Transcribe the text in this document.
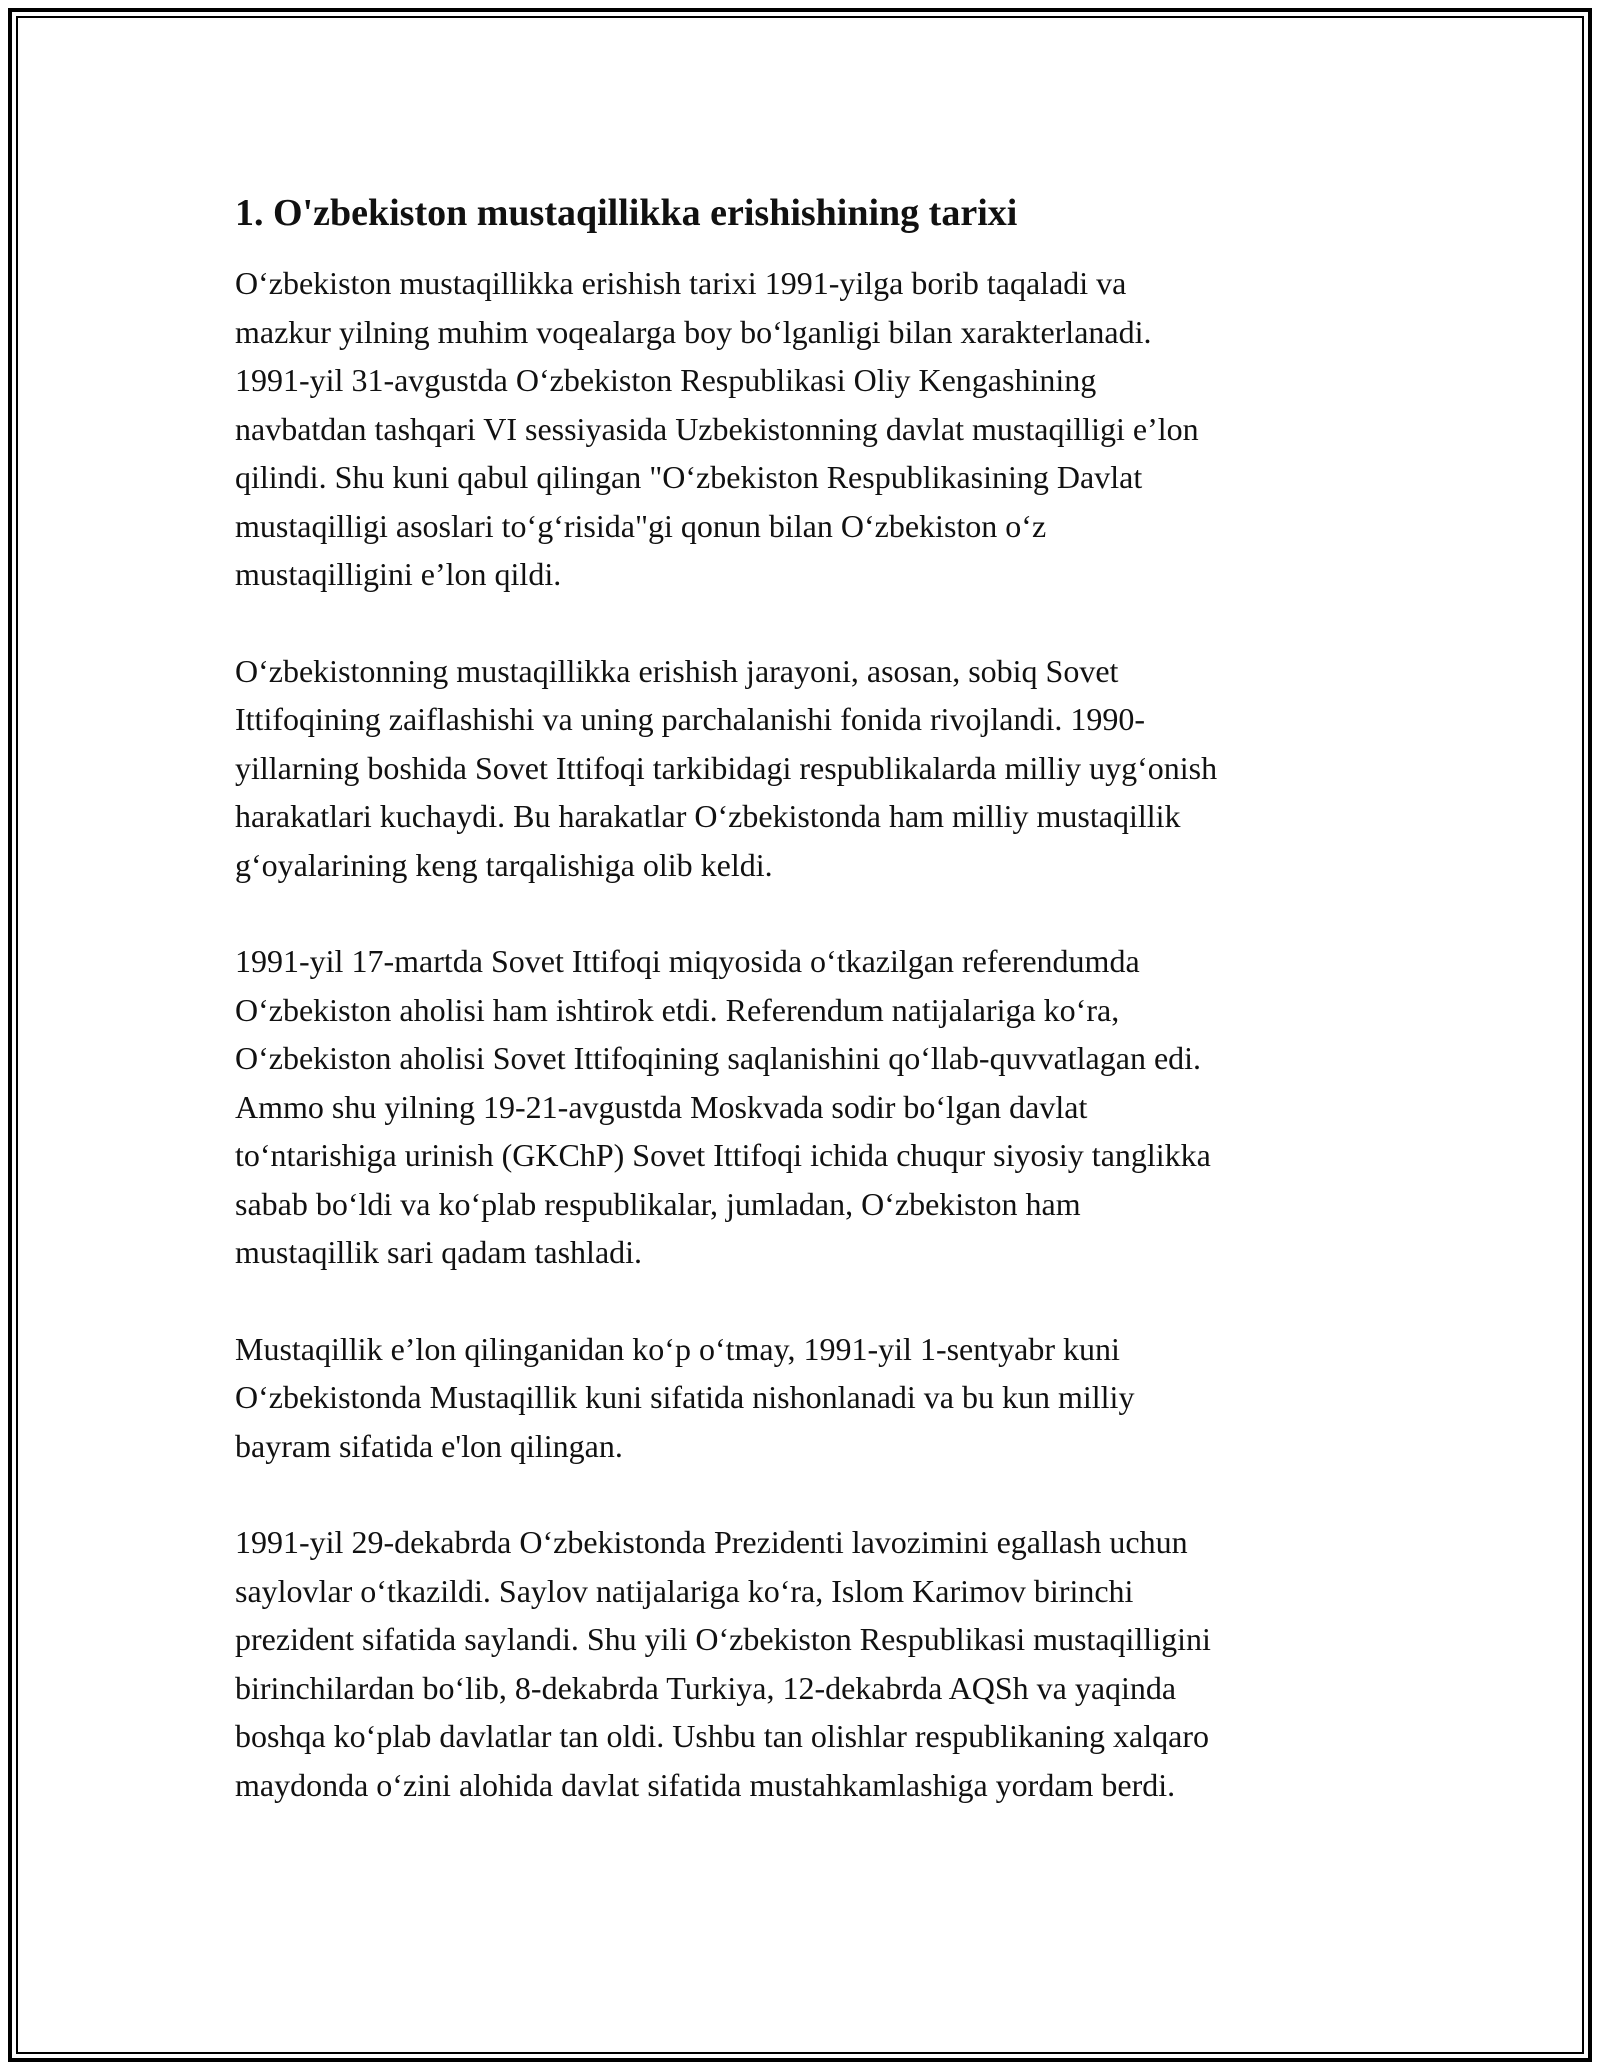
1. O'zbekiston mustaqillikka erishishining tarixi

O‘zbekiston mustaqillikka erishish tarixi 1991-yilga borib taqaladi va
mazkur yilning muhim voqealarga boy bo‘lganligi bilan xarakterlanadi.
1991-yil 31-avgustda O‘zbekiston Respublikasi Oliy Kengashining
navbatdan tashqari VI sessiyasida Uzbekistonning davlat mustaqilligi e’lon
qilindi. Shu kuni qabul qilingan "O‘zbekiston Respublikasining Davlat
mustaqilligi asoslari to‘g‘risida"gi qonun bilan O‘zbekiston o‘z
mustaqilligini e’lon qildi.

O‘zbekistonning mustaqillikka erishish jarayoni, asosan, sobiq Sovet
Ittifoqining zaiflashishi va uning parchalanishi fonida rivojlandi. 1990-
yillarning boshida Sovet Ittifoqi tarkibidagi respublikalarda milliy uyg‘onish
harakatlari kuchaydi. Bu harakatlar O‘zbekistonda ham milliy mustaqillik
g‘oyalarining keng tarqalishiga olib keldi.

1991-yil 17-martda Sovet Ittifoqi miqyosida o‘tkazilgan referendumda
O‘zbekiston aholisi ham ishtirok etdi. Referendum natijalariga ko‘ra,
O‘zbekiston aholisi Sovet Ittifoqining saqlanishini qo‘llab-quvvatlagan edi.
Ammo shu yilning 19-21-avgustda Moskvada sodir bo‘lgan davlat
to‘ntarishiga urinish (GKChP) Sovet Ittifoqi ichida chuqur siyosiy tanglikka
sabab bo‘ldi va ko‘plab respublikalar, jumladan, O‘zbekiston ham
mustaqillik sari qadam tashladi.

Mustaqillik e’lon qilinganidan ko‘p o‘tmay, 1991-yil 1-sentyabr kuni
O‘zbekistonda Mustaqillik kuni sifatida nishonlanadi va bu kun milliy
bayram sifatida e'lon qilingan.

1991-yil 29-dekabrda O‘zbekistonda Prezidenti lavozimini egallash uchun
saylovlar o‘tkazildi. Saylov natijalariga ko‘ra, Islom Karimov birinchi
prezident sifatida saylandi. Shu yili O‘zbekiston Respublikasi mustaqilligini
birinchilardan bo‘lib, 8-dekabrda Turkiya, 12-dekabrda AQSh va yaqinda
boshqa ko‘plab davlatlar tan oldi. Ushbu tan olishlar respublikaning xalqaro
maydonda o‘zini alohida davlat sifatida mustahkamlashiga yordam berdi.
